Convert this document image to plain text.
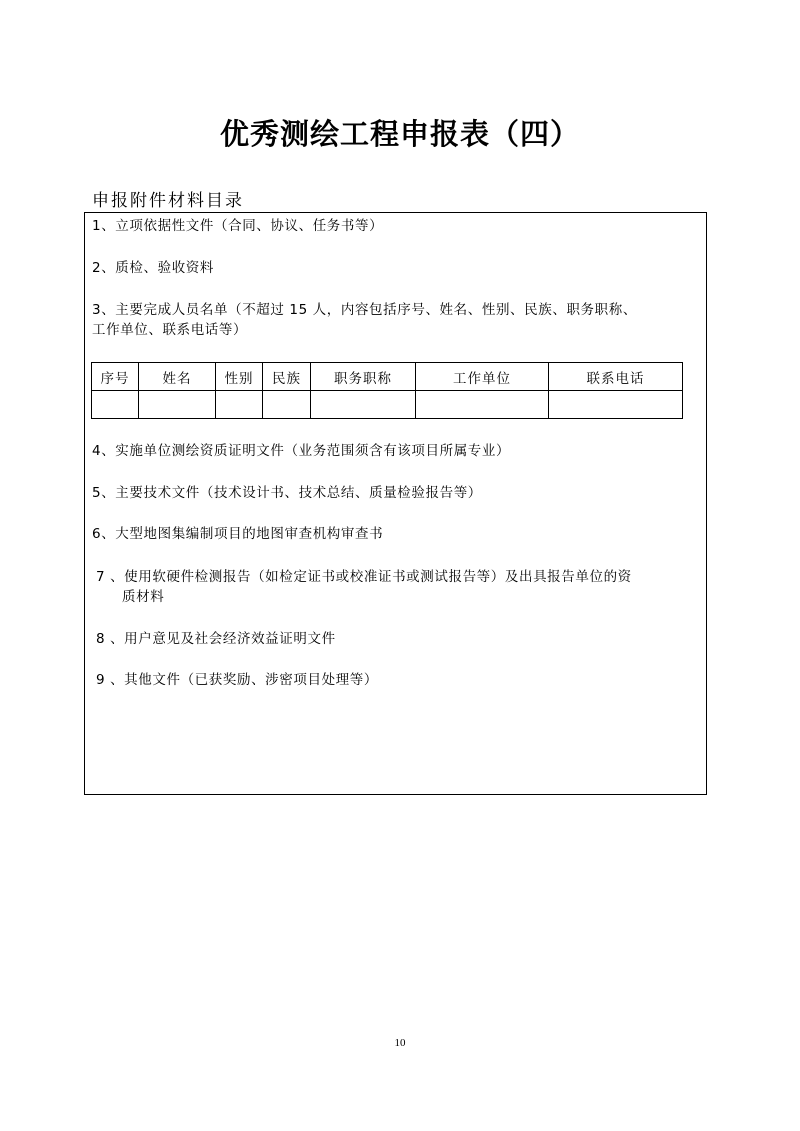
优秀测绘工程申报表（四）
申报附件材料目录
1、立项依据性文件（合同、协议、任务书等）
2、质检、验收资料
3、主要完成人员名单（不超过 15 人，内容包括序号、姓名、性别、民族、职务职称、
工作单位、联系电话等）
序号	姓名	性别	民族	职务职称	工作单位	联系电话

4、实施单位测绘资质证明文件（业务范围须含有该项目所属专业）
5、主要技术文件（技术设计书、技术总结、质量检验报告等）
6、大型地图集编制项目的地图审查机构审查书
7 、使用软硬件检测报告（如检定证书或校准证书或测试报告等）及出具报告单位的资
质材料
8 、用户意见及社会经济效益证明文件
9 、其他文件（已获奖励、涉密项目处理等）
10
